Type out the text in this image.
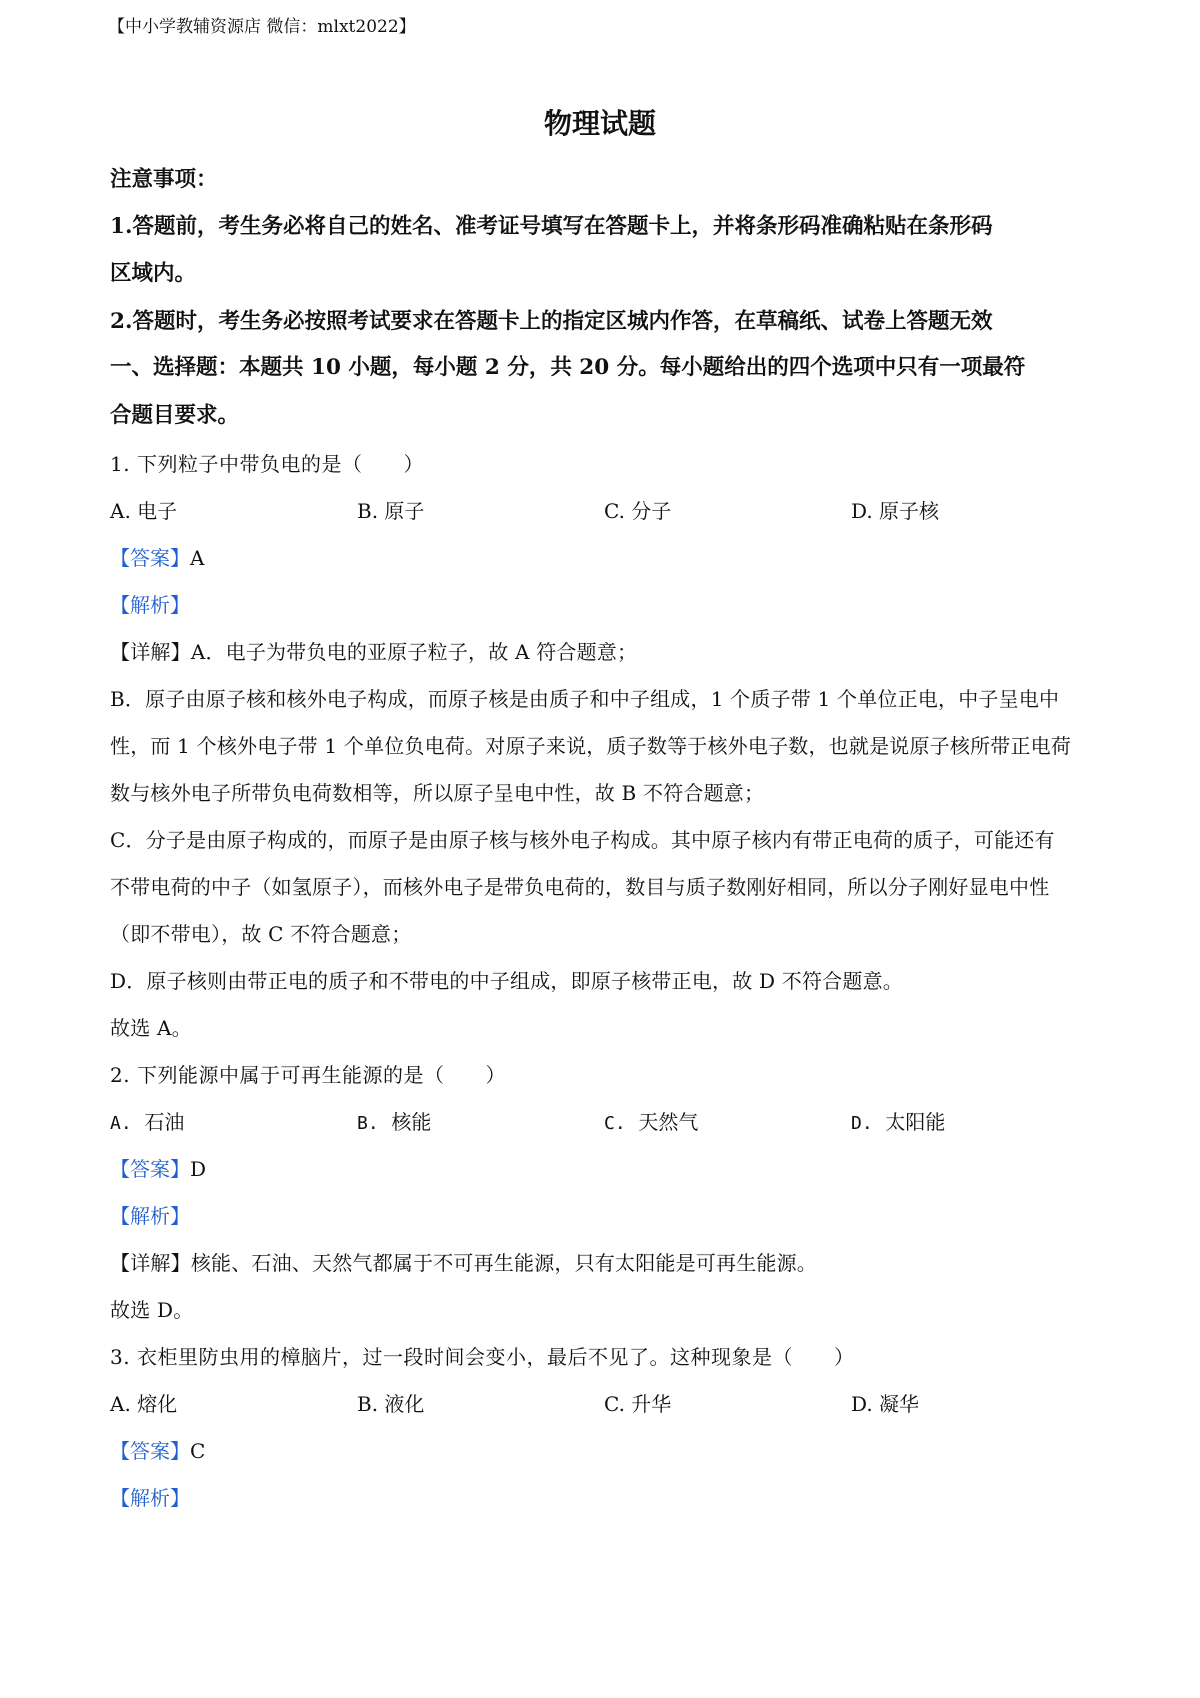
【中小学教辅资源店 微信：mlxt2022】
物理试题
注意事项：
1.答题前，考生务必将自己的姓名、准考证号填写在答题卡上，并将条形码准确粘贴在条形码
区域内。
2.答题时，考生务必按照考试要求在答题卡上的指定区城内作答，在草稿纸、试卷上答题无效
一、选择题：本题共 10 小题，每小题 2 分，共 20 分。每小题给出的四个选项中只有一项最符
合题目要求。
1. 下列粒子中带负电的是（　　）
A. 电子	B. 原子	C. 分子	D. 原子核
【答案】A
【解析】
【详解】A．电子为带负电的亚原子粒子，故 A 符合题意；
B．原子由原子核和核外电子构成，而原子核是由质子和中子组成，1 个质子带 1 个单位正电，中子呈电中
性，而 1 个核外电子带 1 个单位负电荷。对原子来说，质子数等于核外电子数，也就是说原子核所带正电荷
数与核外电子所带负电荷数相等，所以原子呈电中性，故 B 不符合题意；
C．分子是由原子构成的，而原子是由原子核与核外电子构成。其中原子核内有带正电荷的质子，可能还有
不带电荷的中子（如氢原子），而核外电子是带负电荷的，数目与质子数刚好相同，所以分子刚好显电中性
（即不带电），故 C 不符合题意；
D．原子核则由带正电的质子和不带电的中子组成，即原子核带正电，故 D 不符合题意。
故选 A。
2. 下列能源中属于可再生能源的是（　　）
A. 石油	B. 核能	C. 天然气	D. 太阳能
【答案】D
【解析】
【详解】核能、石油、天然气都属于不可再生能源，只有太阳能是可再生能源。
故选 D。
3. 衣柜里防虫用的樟脑片，过一段时间会变小，最后不见了。这种现象是（　　）
A. 熔化	B. 液化	C. 升华	D. 凝华
【答案】C
【解析】
